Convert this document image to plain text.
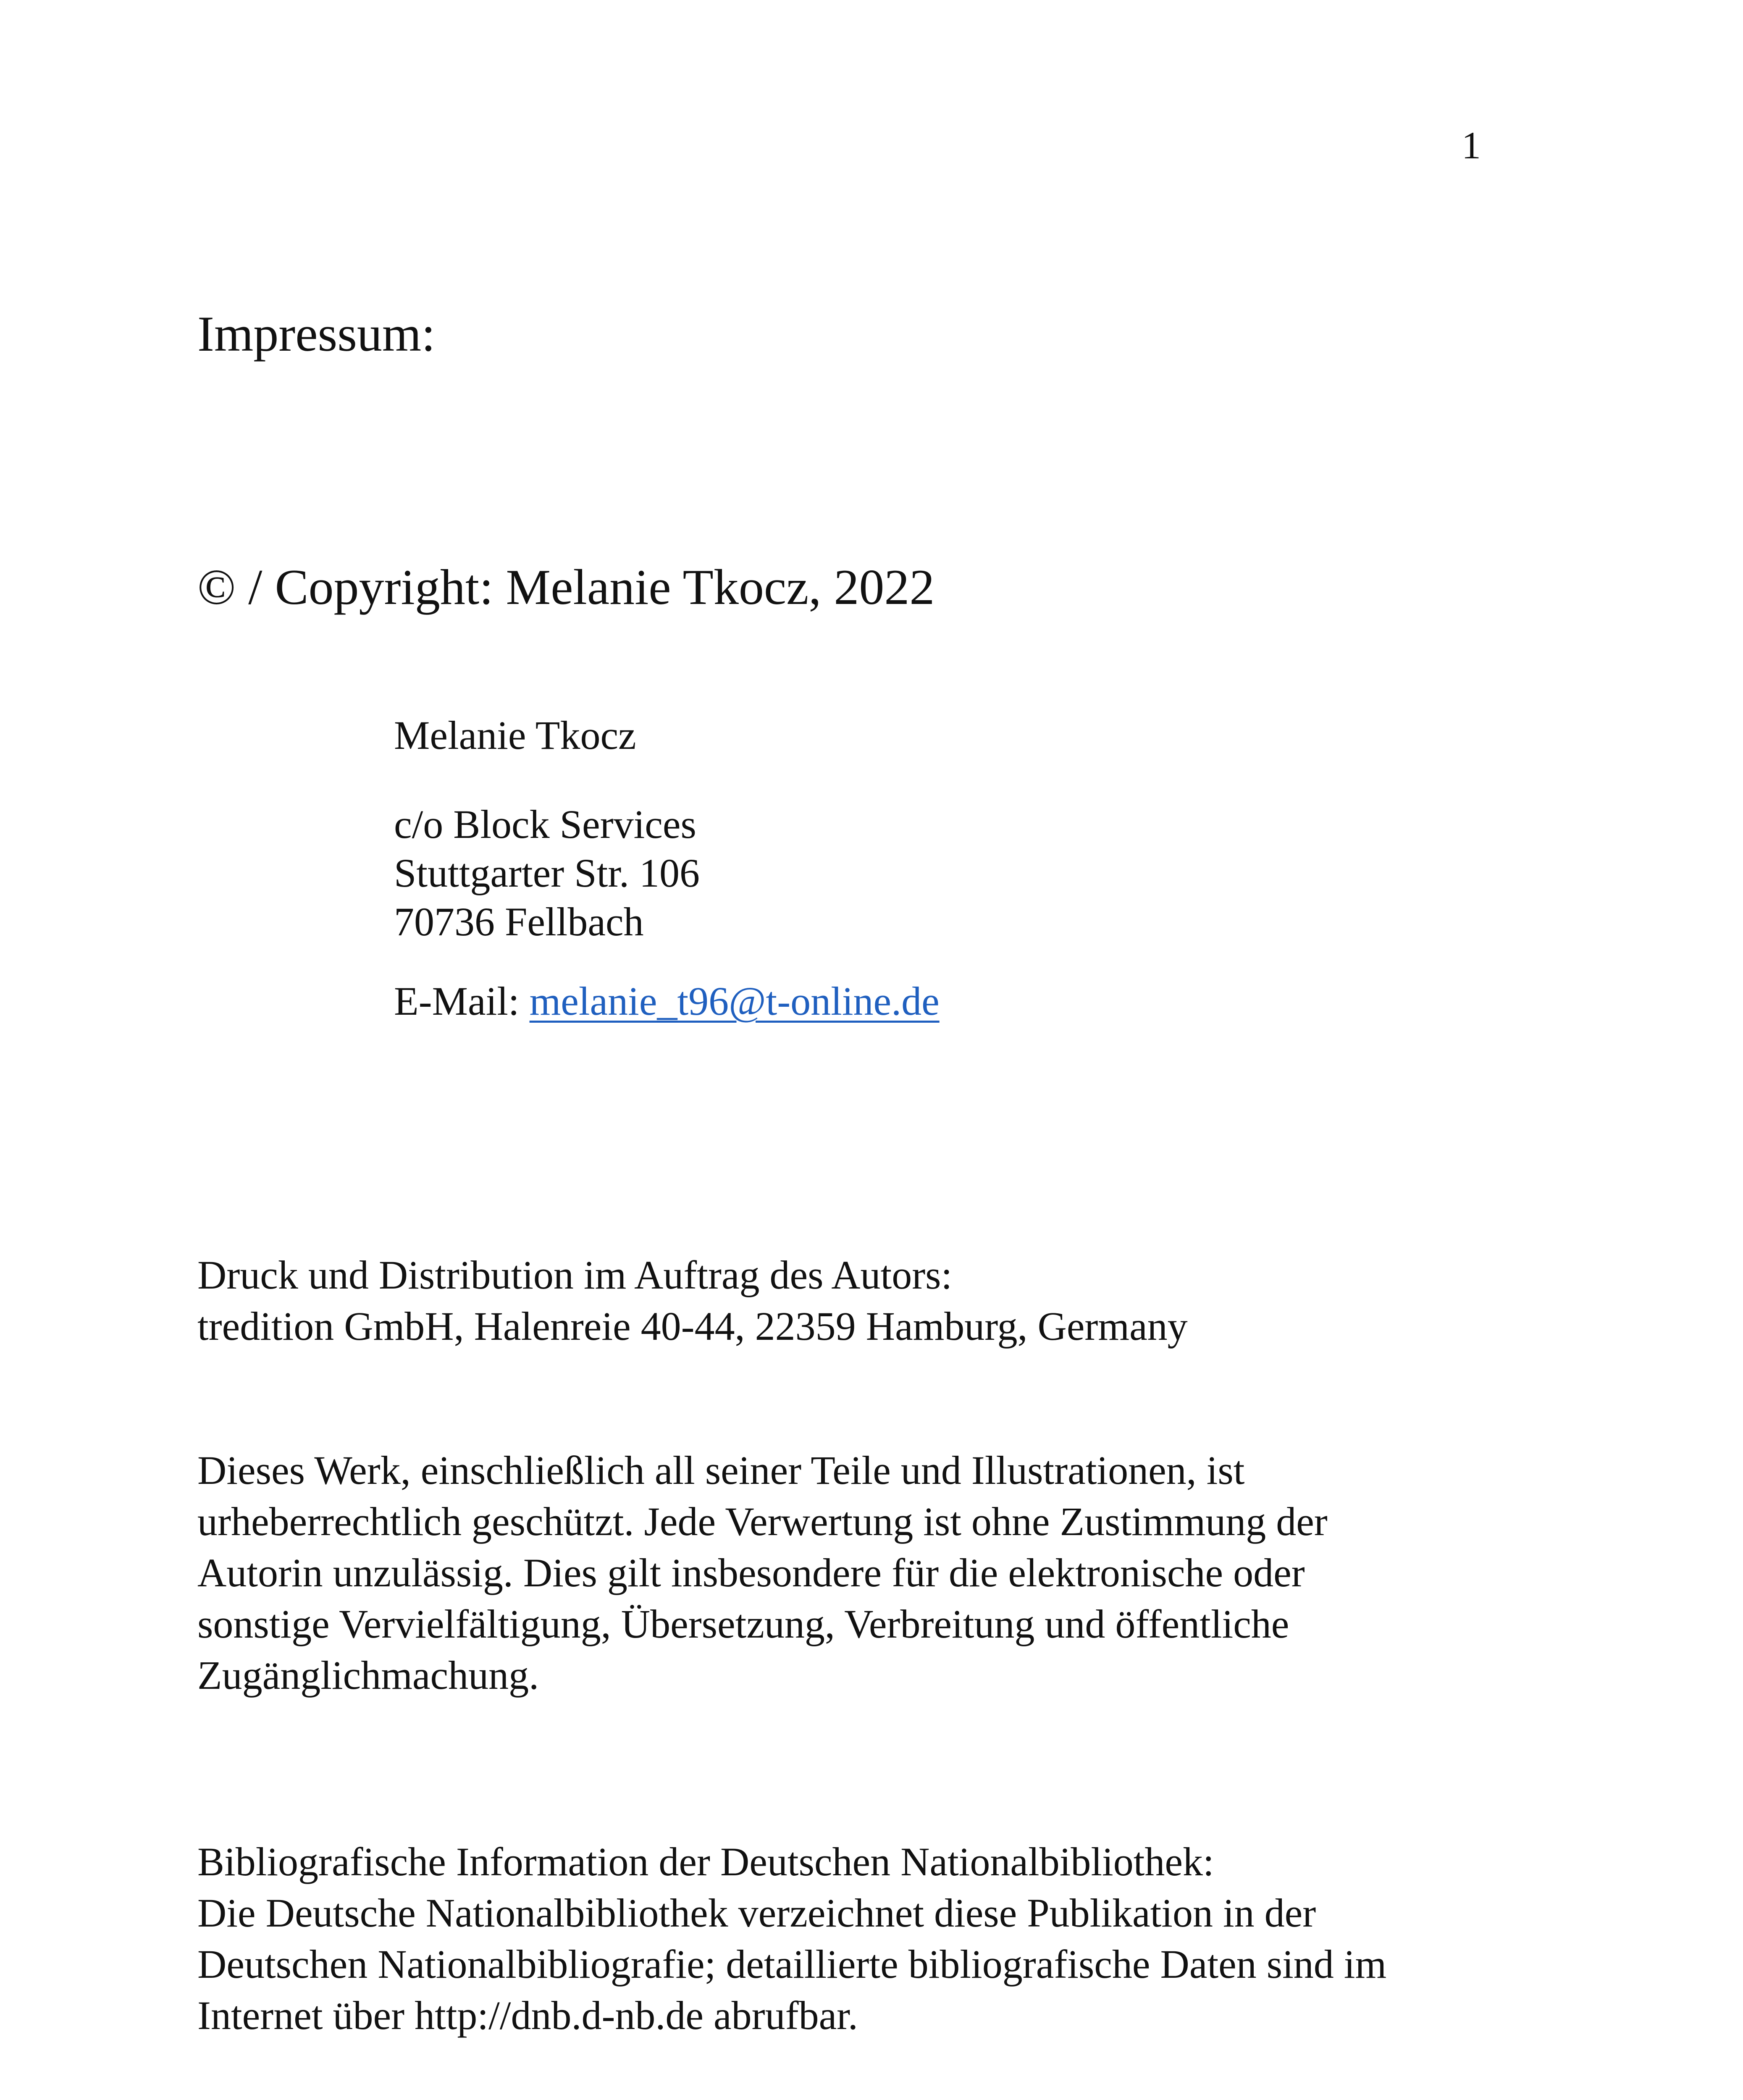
1
Impressum:
© / Copyright: Melanie Tkocz, 2022
Melanie Tkocz
c/o Block Services
Stuttgarter Str. 106
70736 Fellbach
E-Mail: melanie_t96@t-online.de
Druck und Distribution im Auftrag des Autors:
tredition GmbH, Halenreie 40-44, 22359 Hamburg, Germany
Dieses Werk, einschließlich all seiner Teile und Illustrationen, ist
urheberrechtlich geschützt. Jede Verwertung ist ohne Zustimmung der
Autorin unzulässig. Dies gilt insbesondere für die elektronische oder
sonstige Vervielfältigung, Übersetzung, Verbreitung und öffentliche
Zugänglichmachung.
Bibliografische Information der Deutschen Nationalbibliothek:
Die Deutsche Nationalbibliothek verzeichnet diese Publikation in der
Deutschen Nationalbibliografie; detaillierte bibliografische Daten sind im
Internet über http://dnb.d-nb.de abrufbar.
